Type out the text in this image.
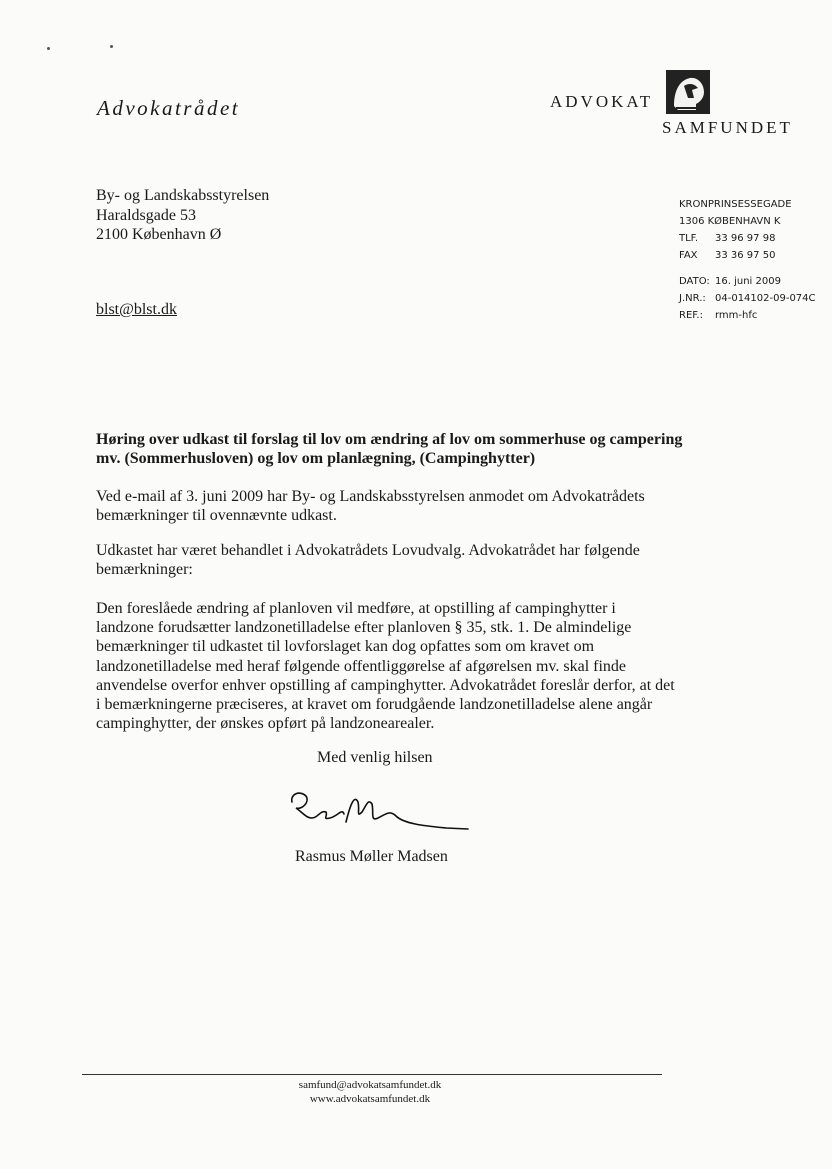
Advokatrådet	ADVOKAT
SAMFUNDET
By- og Landskabsstyrelsen
Haraldsgade 53
2100 København Ø
blst@blst.dk
KRONPRINSESSEGADE
1306 KØBENHAVN K
TLF. 33 96 97 98
FAX 33 36 97 50
DATO: 16. juni 2009
J.NR.: 04-014102-09-074C
REF.: rmm-hfc
Høring over udkast til forslag til lov om ændring af lov om sommerhuse og campering mv. (Sommerhusloven) og lov om planlægning, (Campinghytter)
Ved e-mail af 3. juni 2009 har By- og Landskabsstyrelsen anmodet om Advokatrådets bemærkninger til ovennævnte udkast.
Udkastet har været behandlet i Advokatrådets Lovudvalg. Advokatrådet har følgende bemærkninger:
Den foreslåede ændring af planloven vil medføre, at opstilling af campinghytter i landzone forudsætter landzonetilladelse efter planloven § 35, stk. 1. De almindelige bemærkninger til udkastet til lovforslaget kan dog opfattes som om kravet om landzonetilladelse med heraf følgende offentliggørelse af afgørelsen mv. skal finde anvendelse overfor enhver opstilling af campinghytter. Advokatrådet foreslår derfor, at det i bemærkningerne præciseres, at kravet om forudgående landzonetilladelse alene angår campinghytter, der ønskes opført på landzonearealer.
Med venlig hilsen
Rasmus Møller Madsen
samfund@advokatsamfundet.dk
www.advokatsamfundet.dk
